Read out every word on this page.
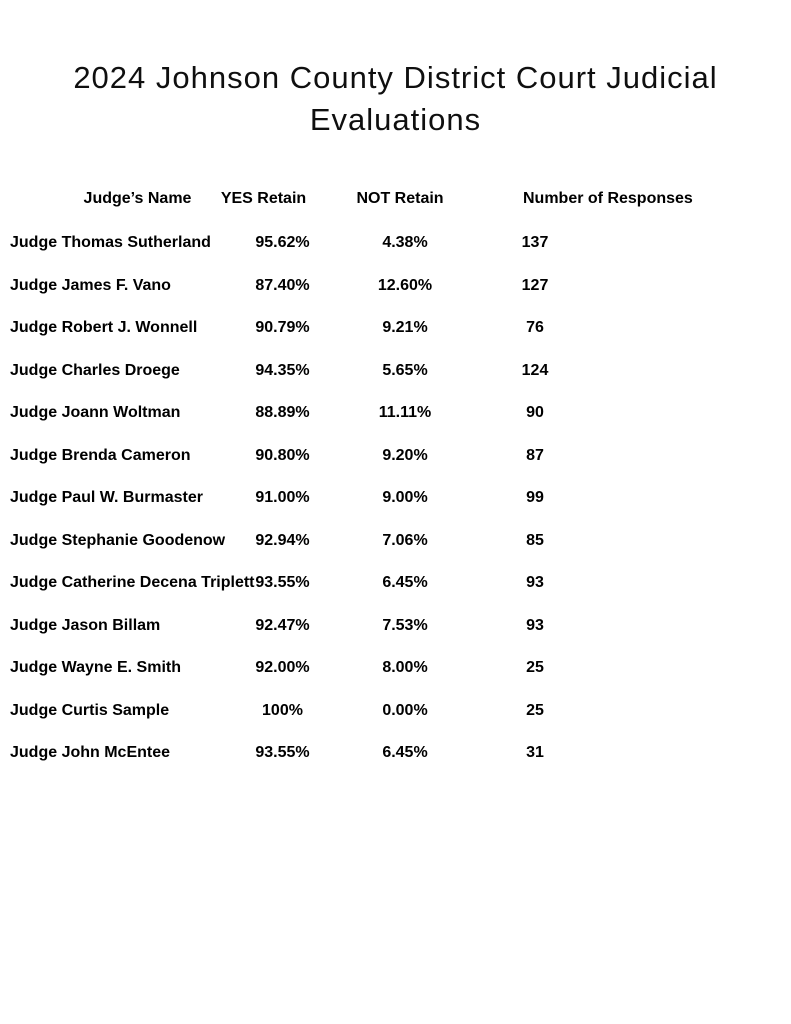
2024 Johnson County District Court Judicial Evaluations
Judge’s Name	YES Retain	NOT Retain	Number of Responses
Judge Thomas Sutherland	95.62%	4.38%	137
Judge James F. Vano	87.40%	12.60%	127
Judge Robert J. Wonnell	90.79%	9.21%	76
Judge Charles Droege	94.35%	5.65%	124
Judge Joann Woltman	88.89%	11.11%	90
Judge Brenda Cameron	90.80%	9.20%	87
Judge Paul W. Burmaster	91.00%	9.00%	99
Judge Stephanie Goodenow	92.94%	7.06%	85
Judge Catherine Decena Triplett 93.55%	6.45%	93
Judge Jason Billam	92.47%	7.53%	93
Judge Wayne E. Smith	92.00%	8.00%	25
Judge Curtis Sample	100%	0.00%	25
Judge John McEntee	93.55%	6.45%	31
